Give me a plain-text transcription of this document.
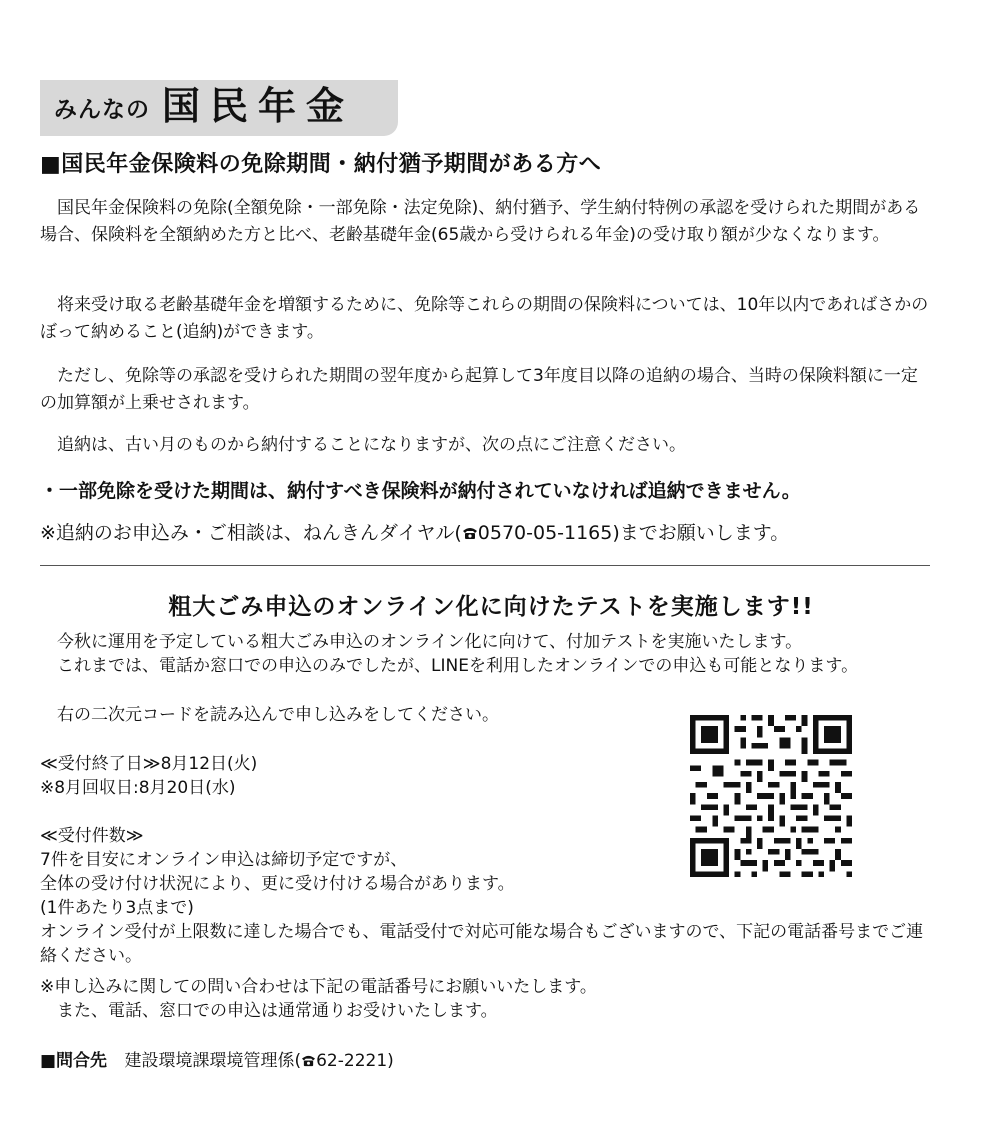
みんなの 国民年金
■国民年金保険料の免除期間・納付猶予期間がある方へ
国民年金保険料の免除(全額免除・一部免除・法定免除)、納付猶予、学生納付特例の承認を受けられた期間がある場合、保険料を全額納めた方と比べ、老齢基礎年金(65歳から受けられる年金)の受け取り額が少なくなります。
将来受け取る老齢基礎年金を増額するために、免除等これらの期間の保険料については、10年以内であればさかのぼって納めること(追納)ができます。
ただし、免除等の承認を受けられた期間の翌年度から起算して3年度目以降の追納の場合、当時の保険料額に一定の加算額が上乗せされます。
追納は、古い月のものから納付することになりますが、次の点にご注意ください。
・一部免除を受けた期間は、納付すべき保険料が納付されていなければ追納できません。
※追納のお申込み・ご相談は、ねんきんダイヤル( 0570-05-1165)までお願いします。
粗大ごみ申込のオンライン化に向けたテストを実施します!!
今秋に運用を予定している粗大ごみ申込のオンライン化に向けて、付加テストを実施いたします。
これまでは、電話か窓口での申込のみでしたが、LINEを利用したオンラインでの申込も可能となります。
右の二次元コードを読み込んで申し込みをしてください。
≪受付終了日≫8月12日(火)
※8月回収日:8月20日(水)
≪受付件数≫
7件を目安にオンライン申込は締切予定ですが、
全体の受け付け状況により、更に受け付ける場合があります。
(1件あたり3点まで)
オンライン受付が上限数に達した場合でも、電話受付で対応可能な場合もございますので、下記の電話番号までご連絡ください。
※申し込みに関しての問い合わせは下記の電話番号にお願いいたします。
また、電話、窓口での申込は通常通りお受けいたします。
■問合先 建設環境課環境管理係( 62-2221)
